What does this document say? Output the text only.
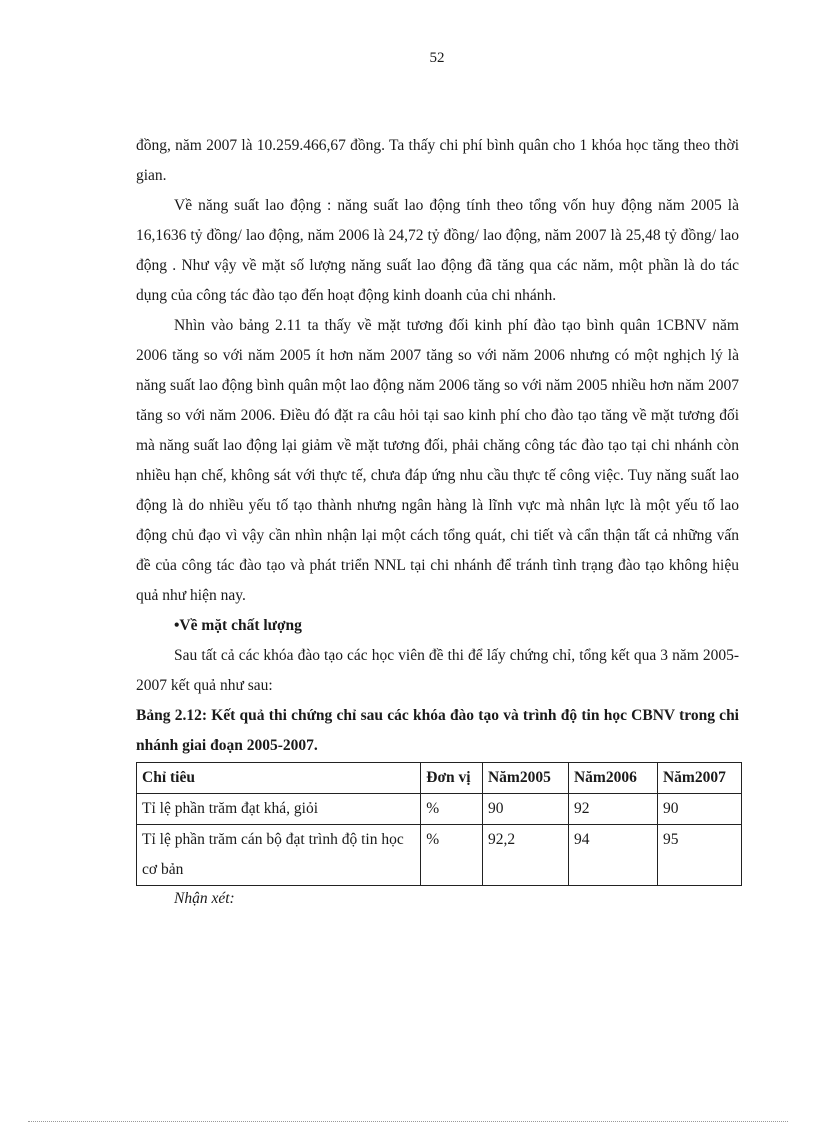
52

đồng, năm 2007 là 10.259.466,67 đồng. Ta thấy chi phí bình quân cho 1 khóa học tăng theo thời gian.

Về năng suất lao động : năng suất lao động tính theo tổng vốn huy động năm 2005 là 16,1636 tỷ đồng/ lao động, năm 2006 là 24,72 tỷ đồng/ lao động, năm 2007 là 25,48 tỷ đồng/ lao động . Như vậy về mặt số lượng năng suất lao động đã tăng qua các năm, một phần là do tác dụng của công tác đào tạo đến hoạt động kinh doanh của chi nhánh.

Nhìn vào bảng 2.11 ta thấy về mặt tương đối kinh phí đào tạo bình quân 1CBNV năm 2006 tăng so với năm 2005 ít hơn năm 2007 tăng so với năm 2006 nhưng có một nghịch lý là năng suất lao động bình quân một lao động năm 2006 tăng so với năm 2005 nhiều hơn năm 2007 tăng so với năm 2006. Điều đó đặt ra câu hỏi tại sao kinh phí cho đào tạo tăng về mặt tương đối mà năng suất lao động lại giảm về mặt tương đối, phải chăng công tác đào tạo tại chi nhánh còn nhiều hạn chế, không sát với thực tế, chưa đáp ứng nhu cầu thực tế công việc. Tuy năng suất lao động là do nhiều yếu tố tạo thành nhưng ngân hàng là lĩnh vực mà nhân lực là một yếu tố lao động chủ đạo vì vậy cần nhìn nhận lại một cách tổng quát, chi tiết và cẩn thận tất cả những vấn đề của công tác đào tạo và phát triển NNL tại chi nhánh để tránh tình trạng đào tạo không hiệu quả như hiện nay.

•Về mặt chất lượng

Sau tất cả các khóa đào tạo các học viên đề thi để lấy chứng chỉ, tổng kết qua 3 năm 2005-2007 kết quả như sau:

Bảng 2.12: Kết quả thi chứng chỉ sau các khóa đào tạo và trình độ tin học CBNV trong chi nhánh giai đoạn 2005-2007.

Chỉ tiêu	Đơn vị	Năm2005	Năm2006	Năm2007
Tỉ lệ phần trăm đạt khá, giỏi	%	90	92	90
Tỉ lệ phần trăm cán bộ đạt trình độ tin học cơ bản	%	92,2	94	95

Nhận xét:
